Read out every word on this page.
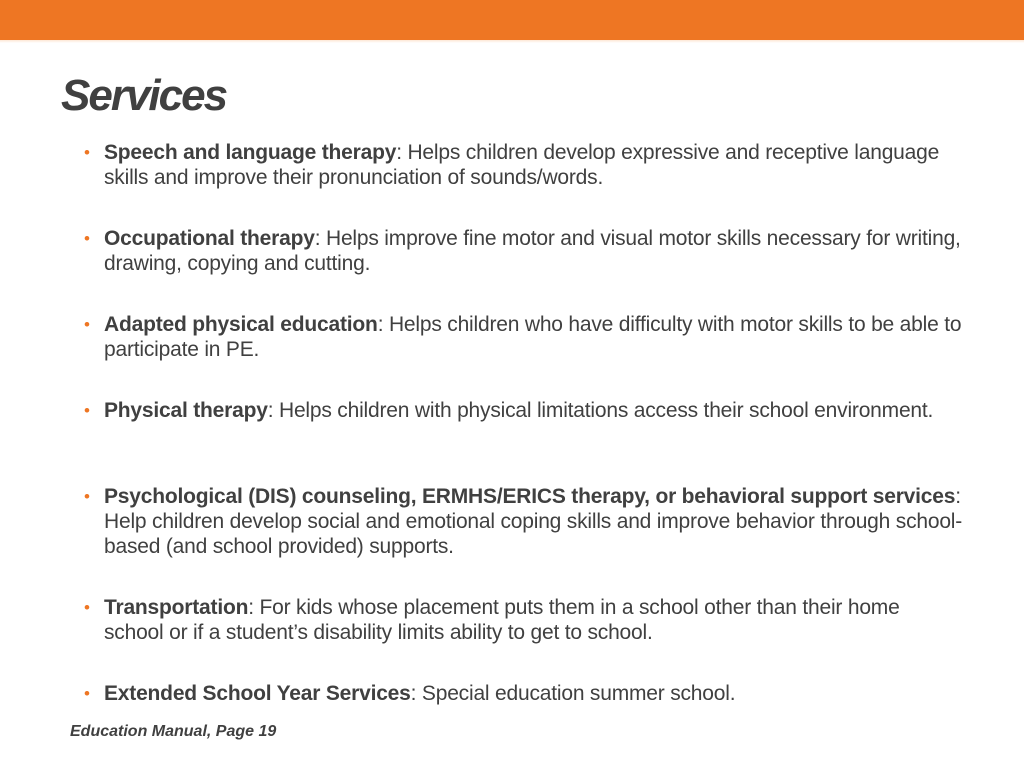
Services
• Speech and language therapy: Helps children develop expressive and receptive language skills and improve their pronunciation of sounds/words.
• Occupational therapy: Helps improve fine motor and visual motor skills necessary for writing, drawing, copying and cutting.
• Adapted physical education: Helps children who have difficulty with motor skills to be able to participate in PE.
• Physical therapy: Helps children with physical limitations access their school environment.
• Psychological (DIS) counseling, ERMHS/ERICS therapy, or behavioral support services: Help children develop social and emotional coping skills and improve behavior through school-based (and school provided) supports.
• Transportation: For kids whose placement puts them in a school other than their home school or if a student’s disability limits ability to get to school.
• Extended School Year Services: Special education summer school.
Education Manual, Page 19
